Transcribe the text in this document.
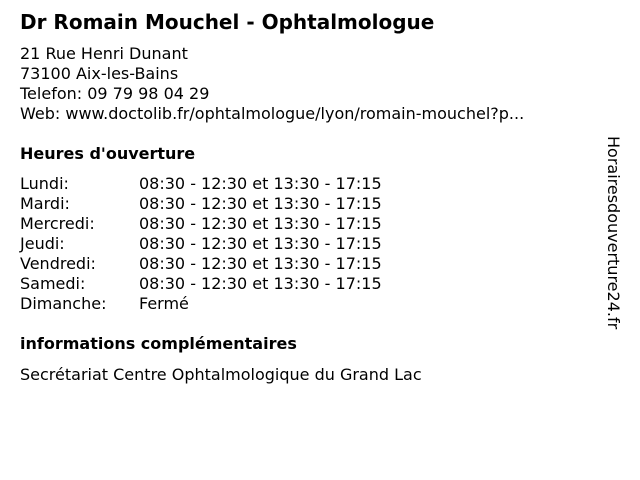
Dr Romain Mouchel - Ophtalmologue
21 Rue Henri Dunant
73100 Aix-les-Bains
Telefon: 09 79 98 04 29
Web: www.doctolib.fr/ophtalmologue/lyon/romain-mouchel?p...
Heures d'ouverture
Lundi:	08:30 - 12:30 et 13:30 - 17:15
Mardi:	08:30 - 12:30 et 13:30 - 17:15
Mercredi:	08:30 - 12:30 et 13:30 - 17:15
Jeudi:	08:30 - 12:30 et 13:30 - 17:15
Vendredi:	08:30 - 12:30 et 13:30 - 17:15
Samedi:	08:30 - 12:30 et 13:30 - 17:15
Dimanche:	Fermé
informations complémentaires
Secrétariat Centre Ophtalmologique du Grand Lac
Horairesdouverture24.fr
